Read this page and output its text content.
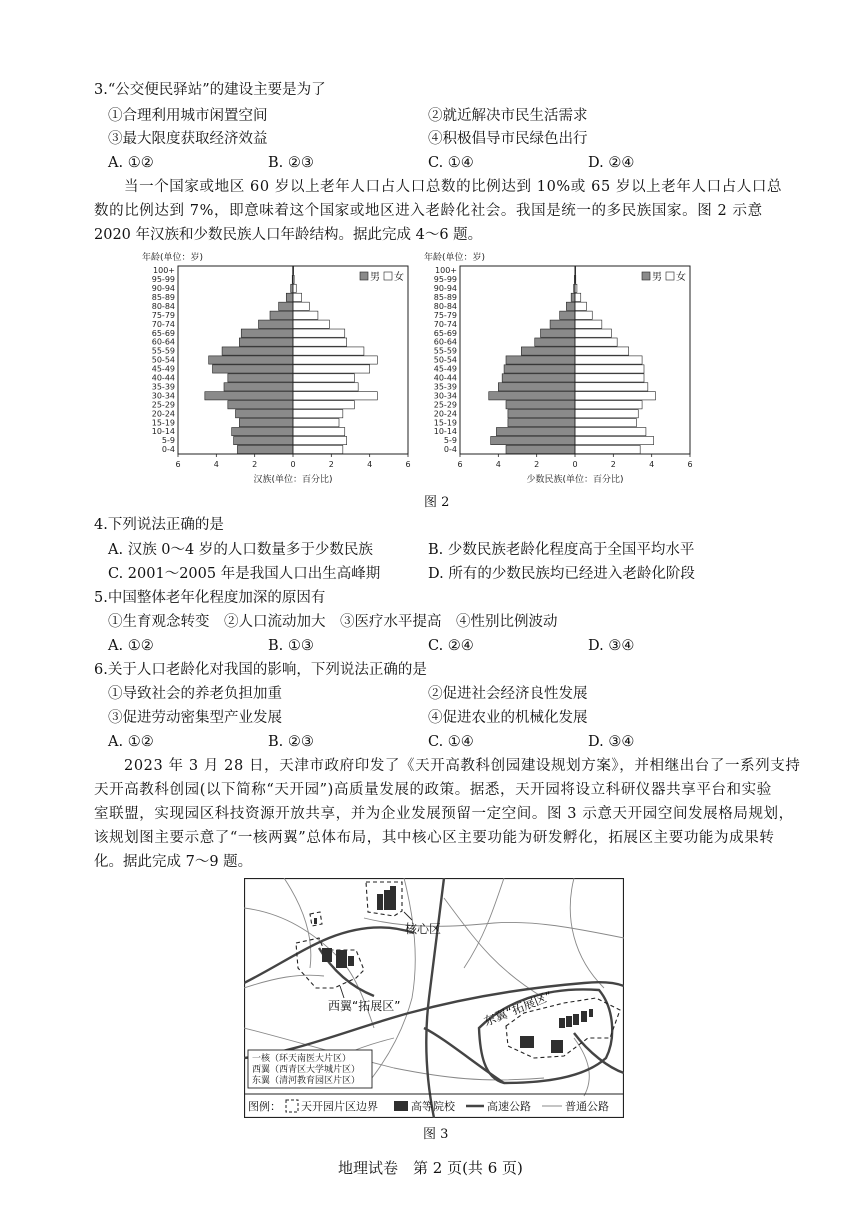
3.“公交便民驿站”的建设主要是为了
①合理利用城市闲置空间	②就近解决市民生活需求
③最大限度获取经济效益	④积极倡导市民绿色出行
A. ①②	B. ②③	C. ①④	D. ②④
当一个国家或地区 60 岁以上老年人口占人口总数的比例达到 10%或 65 岁以上老年人口占人口总
数的比例达到 7%，即意味着这个国家或地区进入老龄化社会。我国是统一的多民族国家。图 2 示意
2020 年汉族和少数民族人口年龄结构。据此完成 4～6 题。
年龄(单位：岁)
0-4
5-9
10-14
15-19
20-24
25-29
30-34
35-39
40-44
45-49
50-54
55-59
60-64
65-69
70-74
75-79
80-84
85-89
90-94
95-99
100+
6	4	2	0	2	4	6
汉族(单位：百分比)
男 女
年龄(单位：岁)
0-4
5-9
10-14
15-19
20-24
25-29
30-34
35-39
40-44
45-49
50-54
55-59
60-64
65-69
70-74
75-79
80-84
85-89
90-94
95-99
100+
6	4	2	0	2	4	6
少数民族(单位：百分比)
男 女
图 2
4.下列说法正确的是
A. 汉族 0～4 岁的人口数量多于少数民族	B. 少数民族老龄化程度高于全国平均水平
C. 2001～2005 年是我国人口出生高峰期	D. 所有的少数民族均已经进入老龄化阶段
5.中国整体老年化程度加深的原因有
①生育观念转变　②人口流动加大　③医疗水平提高　④性别比例波动
A. ①②	B. ①③	C. ②④	D. ③④
6.关于人口老龄化对我国的影响，下列说法正确的是
①导致社会的养老负担加重	②促进社会经济良性发展
③促进劳动密集型产业发展	④促进农业的机械化发展
A. ①②	B. ②③	C. ①④	D. ③④
2023 年 3 月 28 日，天津市政府印发了《天开高教科创园建设规划方案》，并相继出台了一系列支持
天开高教科创园(以下简称“天开园”)高质量发展的政策。据悉，天开园将设立科研仪器共享平台和实验
室联盟，实现园区科技资源开放共享，并为企业发展预留一定空间。图 3 示意天开园空间发展格局规划，
该规划图主要示意了“一核两翼”总体布局，其中核心区主要功能为研发孵化，拓展区主要功能为成果转
化。据此完成 7～9 题。
核心区
西翼“拓展区”	东翼“拓展区”
一核（环天南医大片区）
西翼（西青区大学城片区）
东翼（清河教育园区片区）
图例： 天开园片区边界	高等院校	高速公路	普通公路
图 3
地理试卷　第 2 页(共 6 页)
